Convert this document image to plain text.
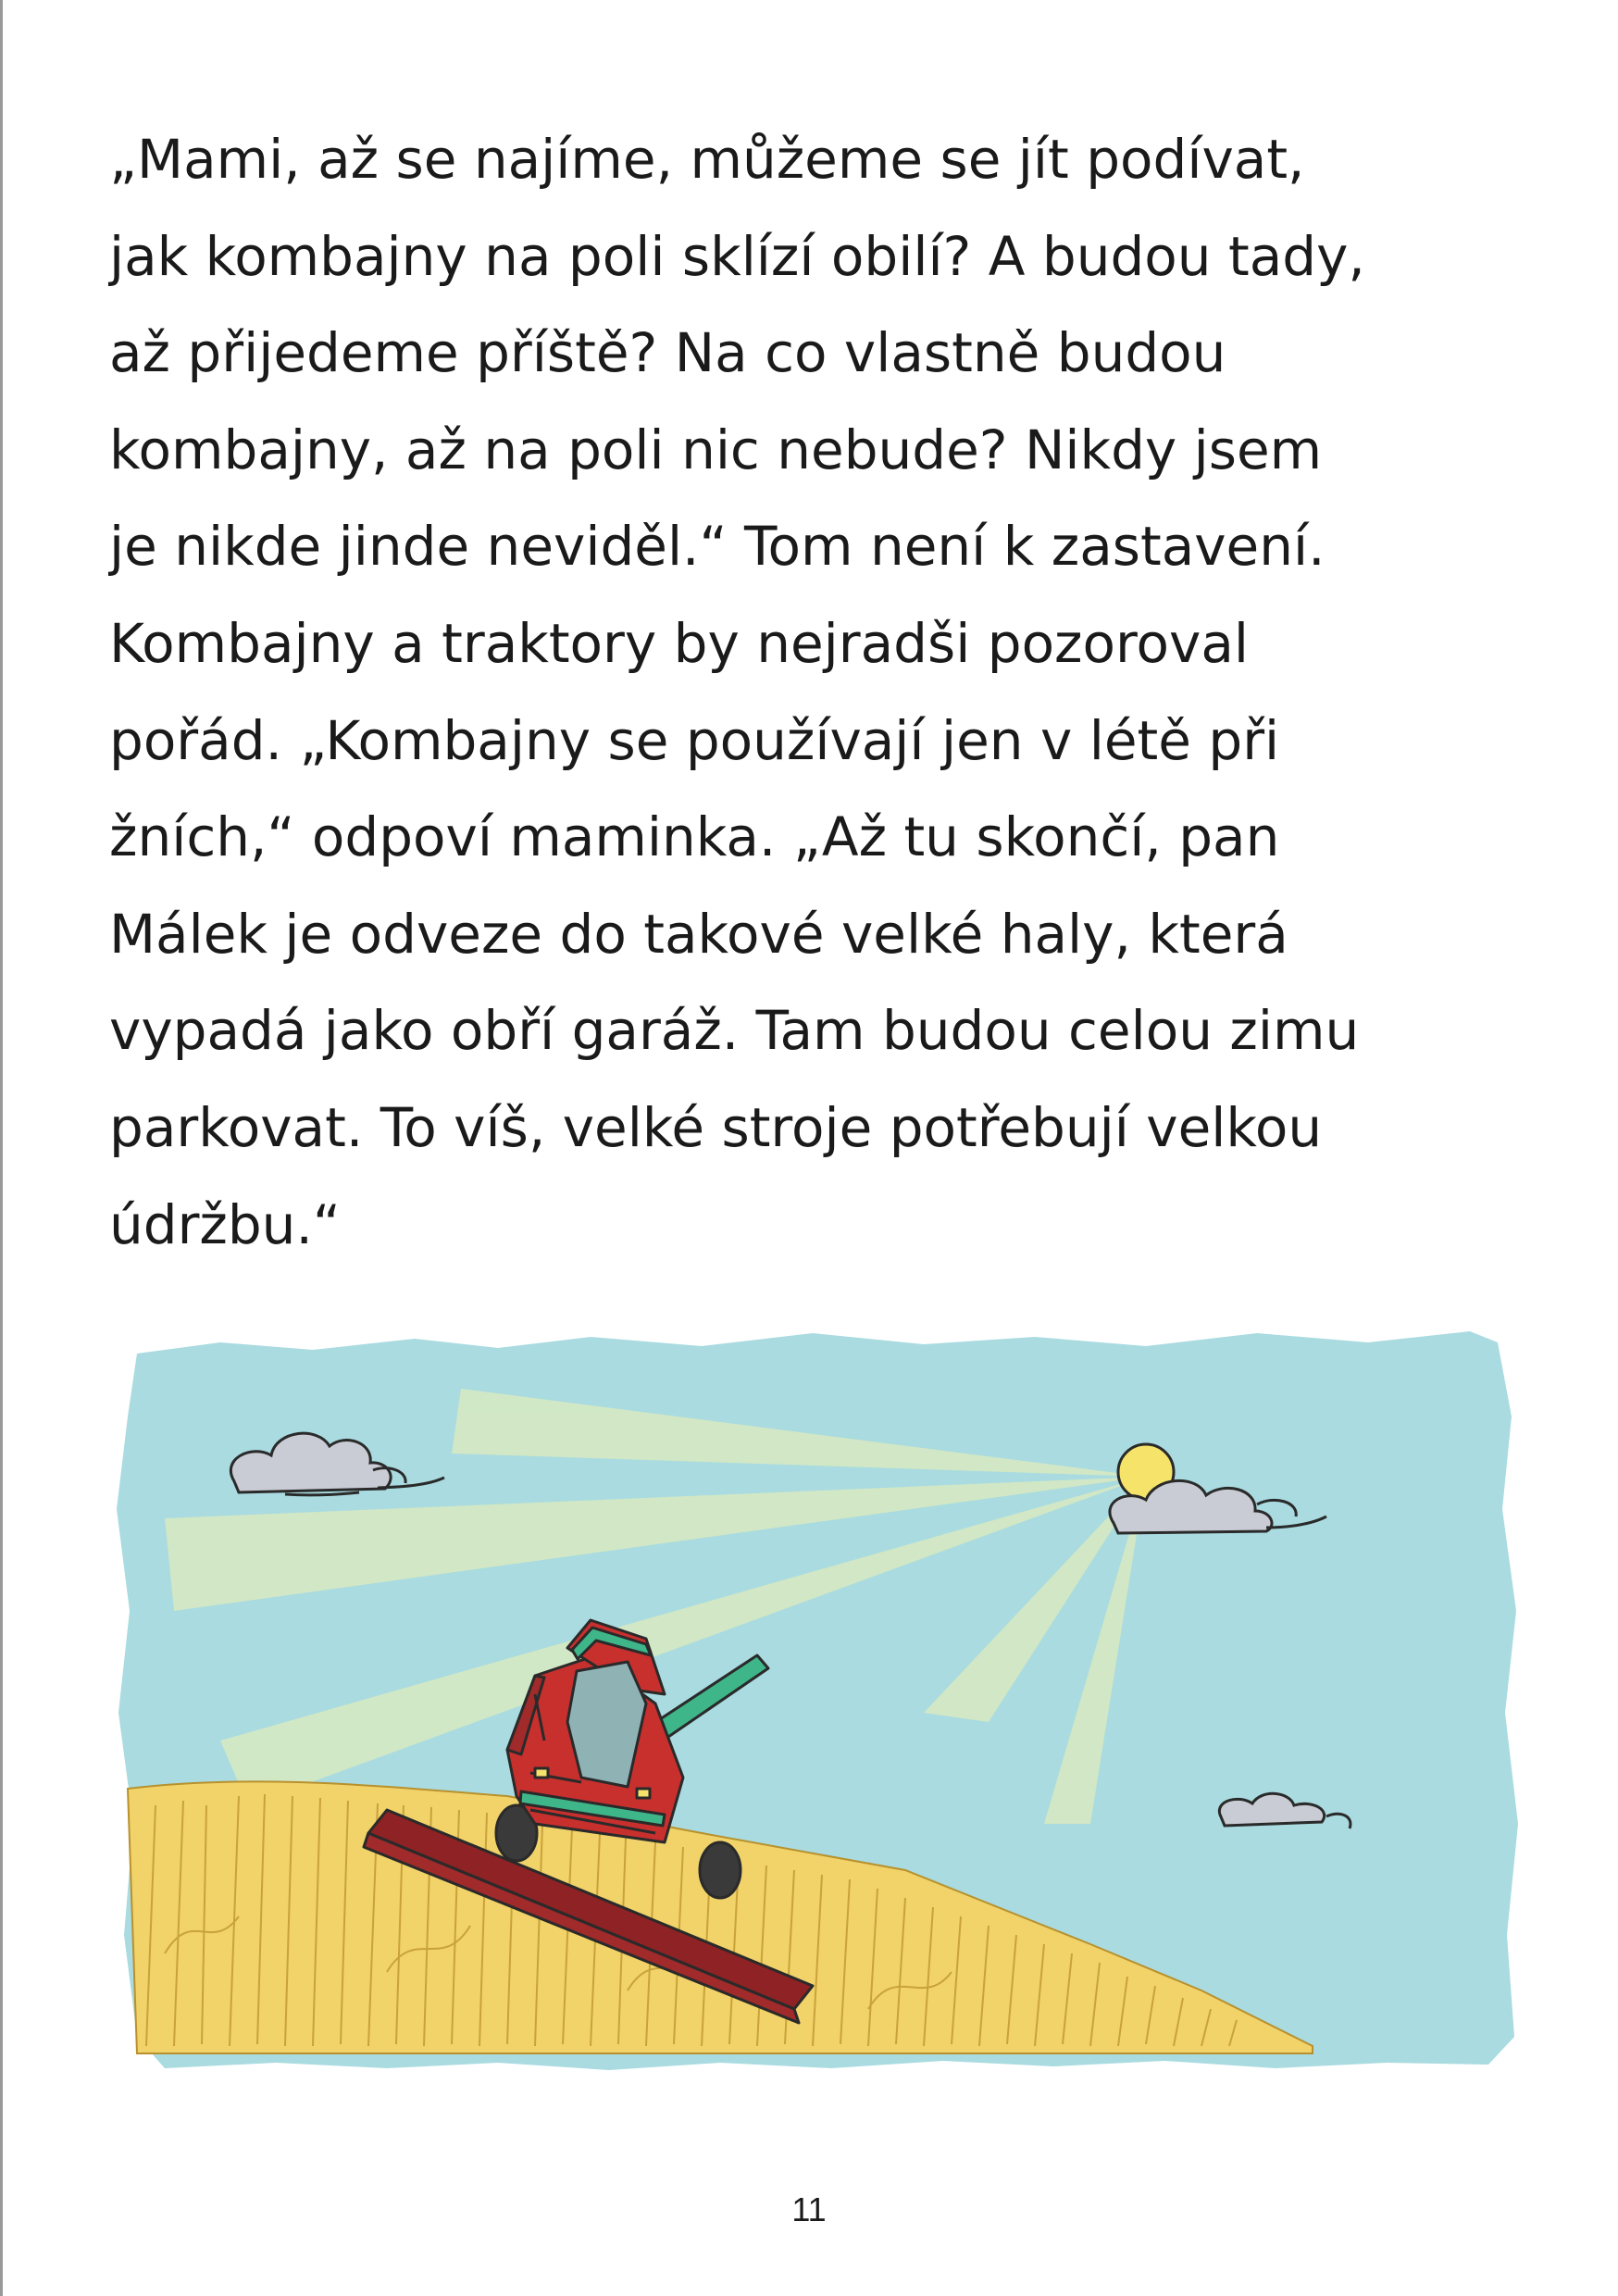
„Mami, až se najíme, můžeme se jít podívat,
jak kombajny na poli sklízí obilí? A budou tady,
až přijedeme příště? Na co vlastně budou
kombajny, až na poli nic nebude? Nikdy jsem
je nikde jinde neviděl.“ Tom není k zastavení.
Kombajny a traktory by nejradši pozoroval
pořád. „Kombajny se používají jen v létě při
žních,“ odpoví maminka. „Až tu skončí, pan
Málek je odveze do takové velké haly, která
vypadá jako obří garáž. Tam budou celou zimu
parkovat. To víš, velké stroje potřebují velkou
údržbu.“
11
